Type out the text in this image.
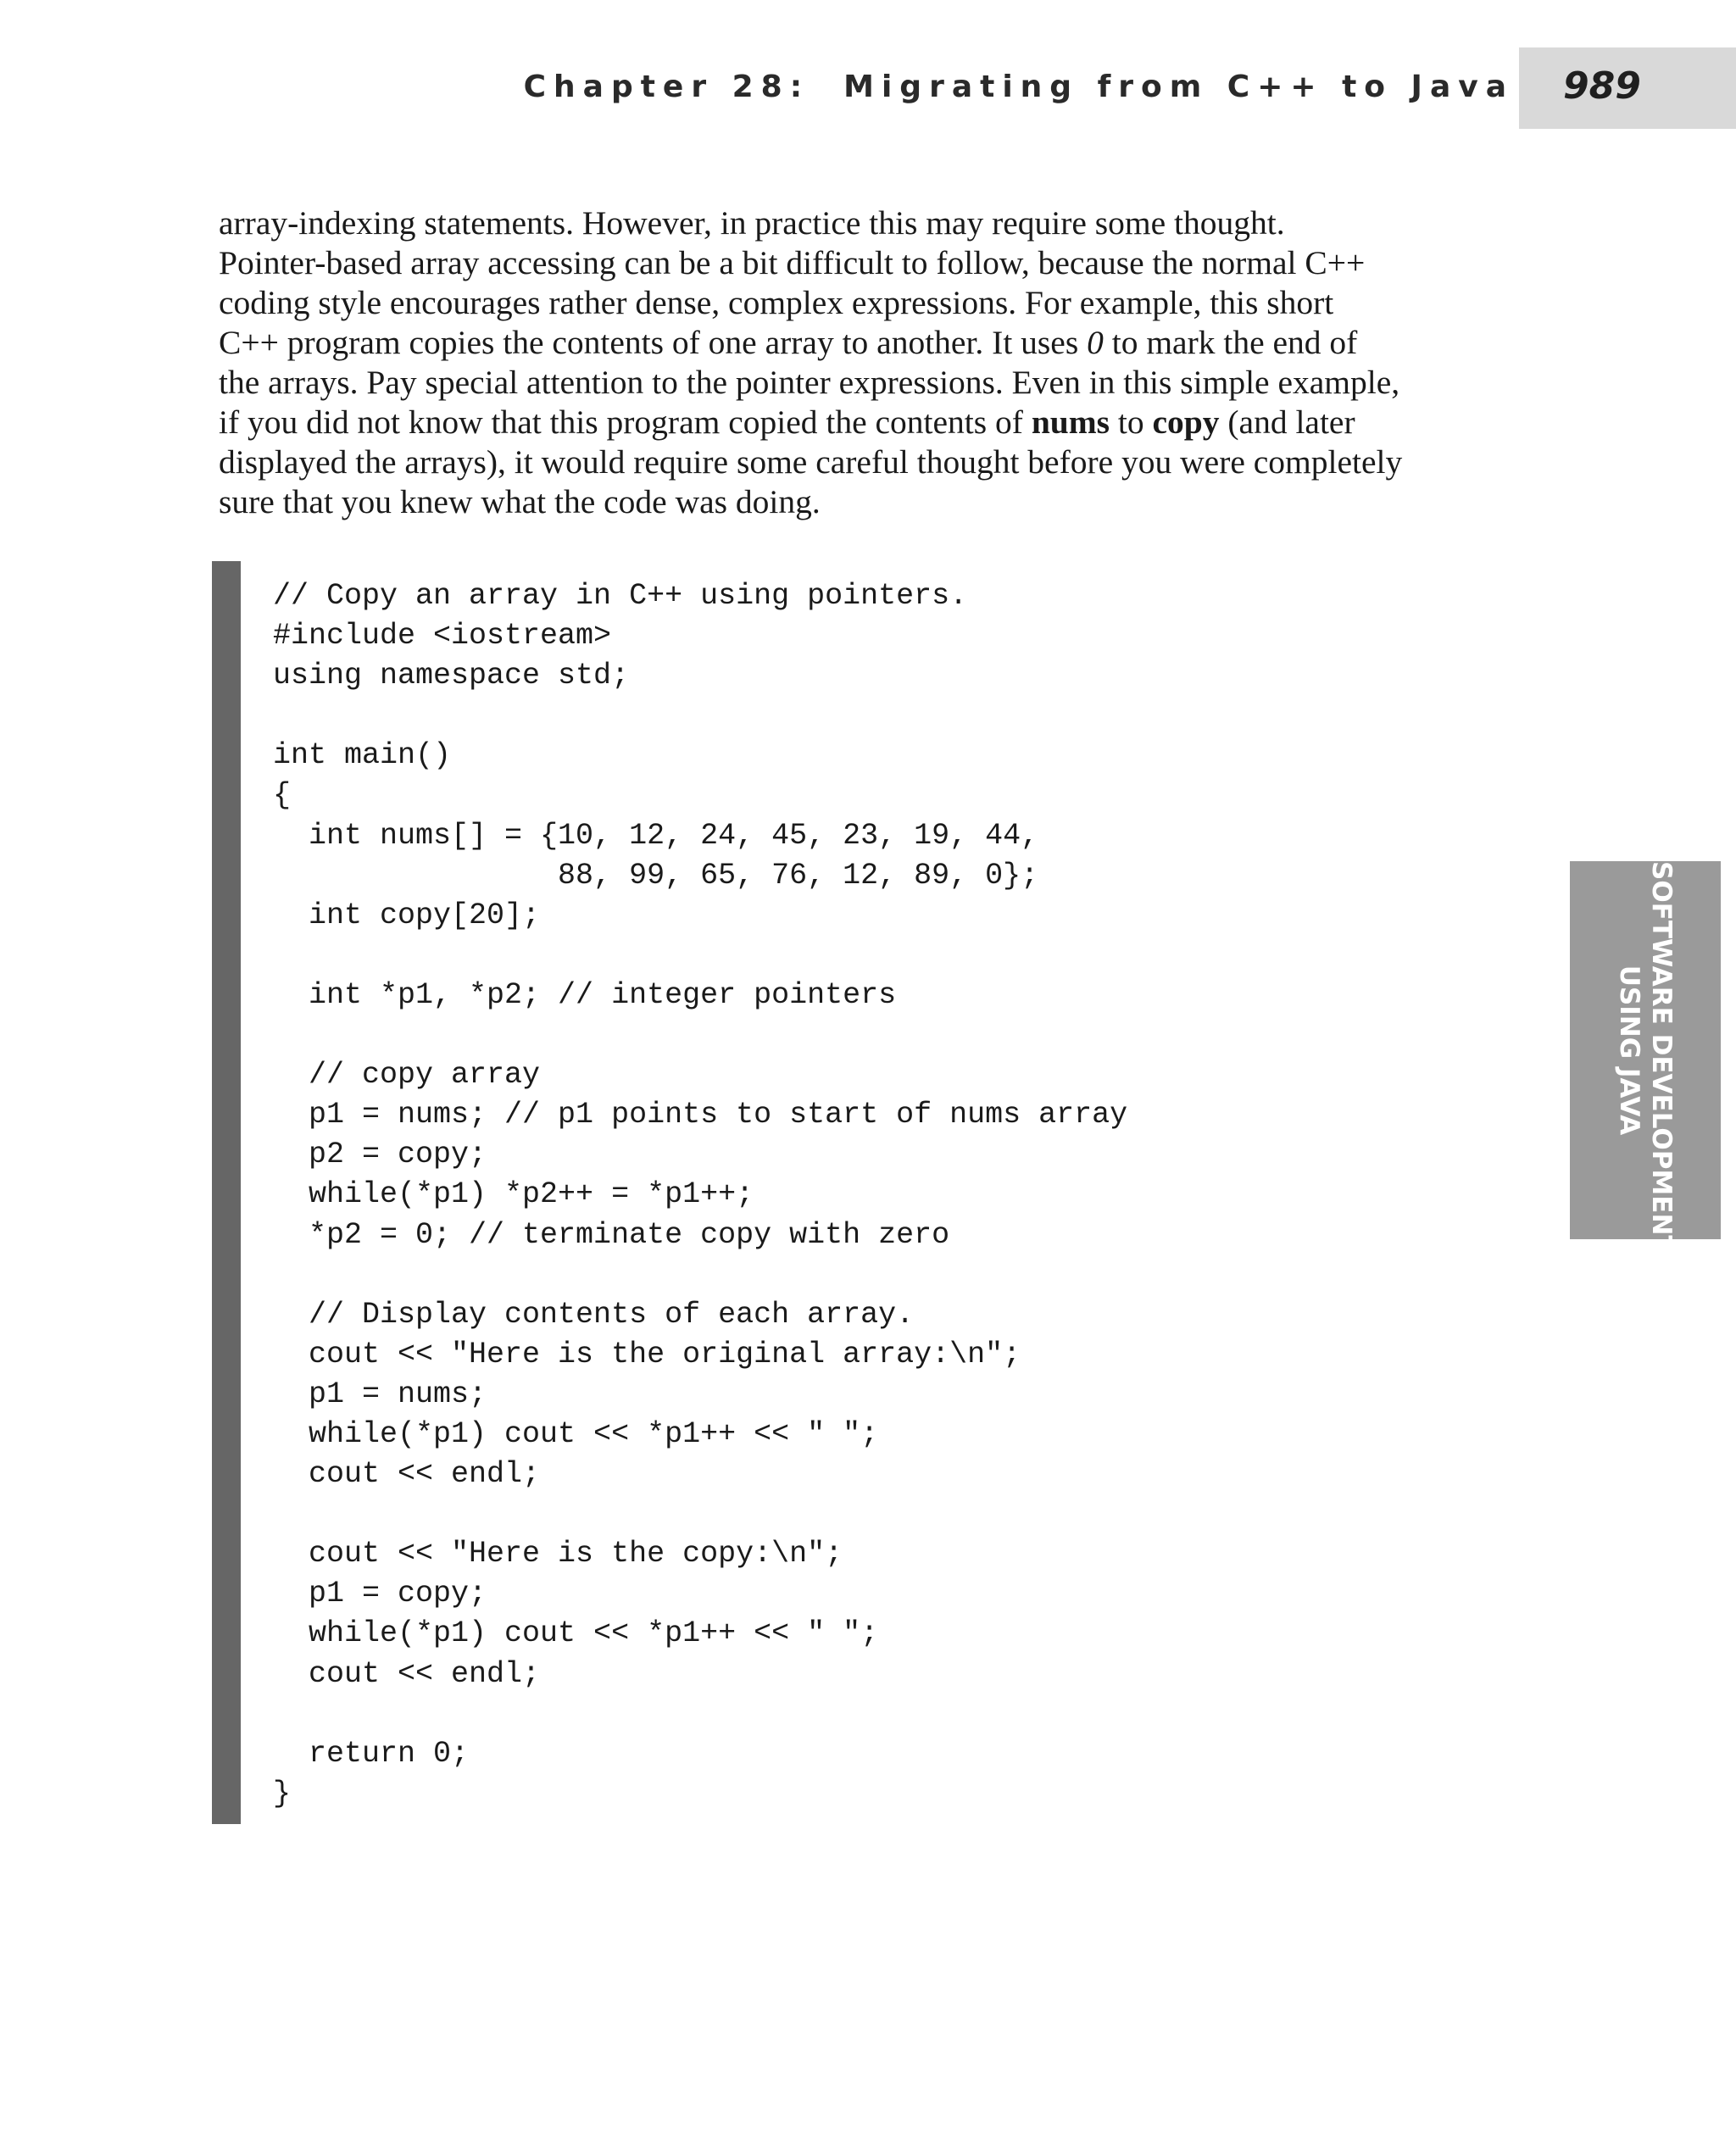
Chapter 28: Migrating from C++ to Java 989

array-indexing statements. However, in practice this may require some thought.
Pointer-based array accessing can be a bit difficult to follow, because the normal C++
coding style encourages rather dense, complex expressions. For example, this short
C++ program copies the contents of one array to another. It uses 0 to mark the end of
the arrays. Pay special attention to the pointer expressions. Even in this simple example,
if you did not know that this program copied the contents of nums to copy (and later
displayed the arrays), it would require some careful thought before you were completely
sure that you knew what the code was doing.

// Copy an array in C++ using pointers.
#include <iostream>
using namespace std;

int main()
{
int nums[] = {10, 12, 24, 45, 23, 19, 44,
88, 99, 65, 76, 12, 89, 0};
int copy[20];

int *p1, *p2; // integer pointers

// copy array
p1 = nums; // p1 points to start of nums array
p2 = copy;
while(*p1) *p2++ = *p1++;
*p2 = 0; // terminate copy with zero

// Display contents of each array.
cout << "Here is the original array:\n";
p1 = nums;
while(*p1) cout << *p1++ << " ";
cout << endl;

cout << "Here is the copy:\n";
p1 = copy;
while(*p1) cout << *p1++ << " ";
cout << endl;

return 0;
}
SOFTWARE DEVELOPMENT
USING JAVA
